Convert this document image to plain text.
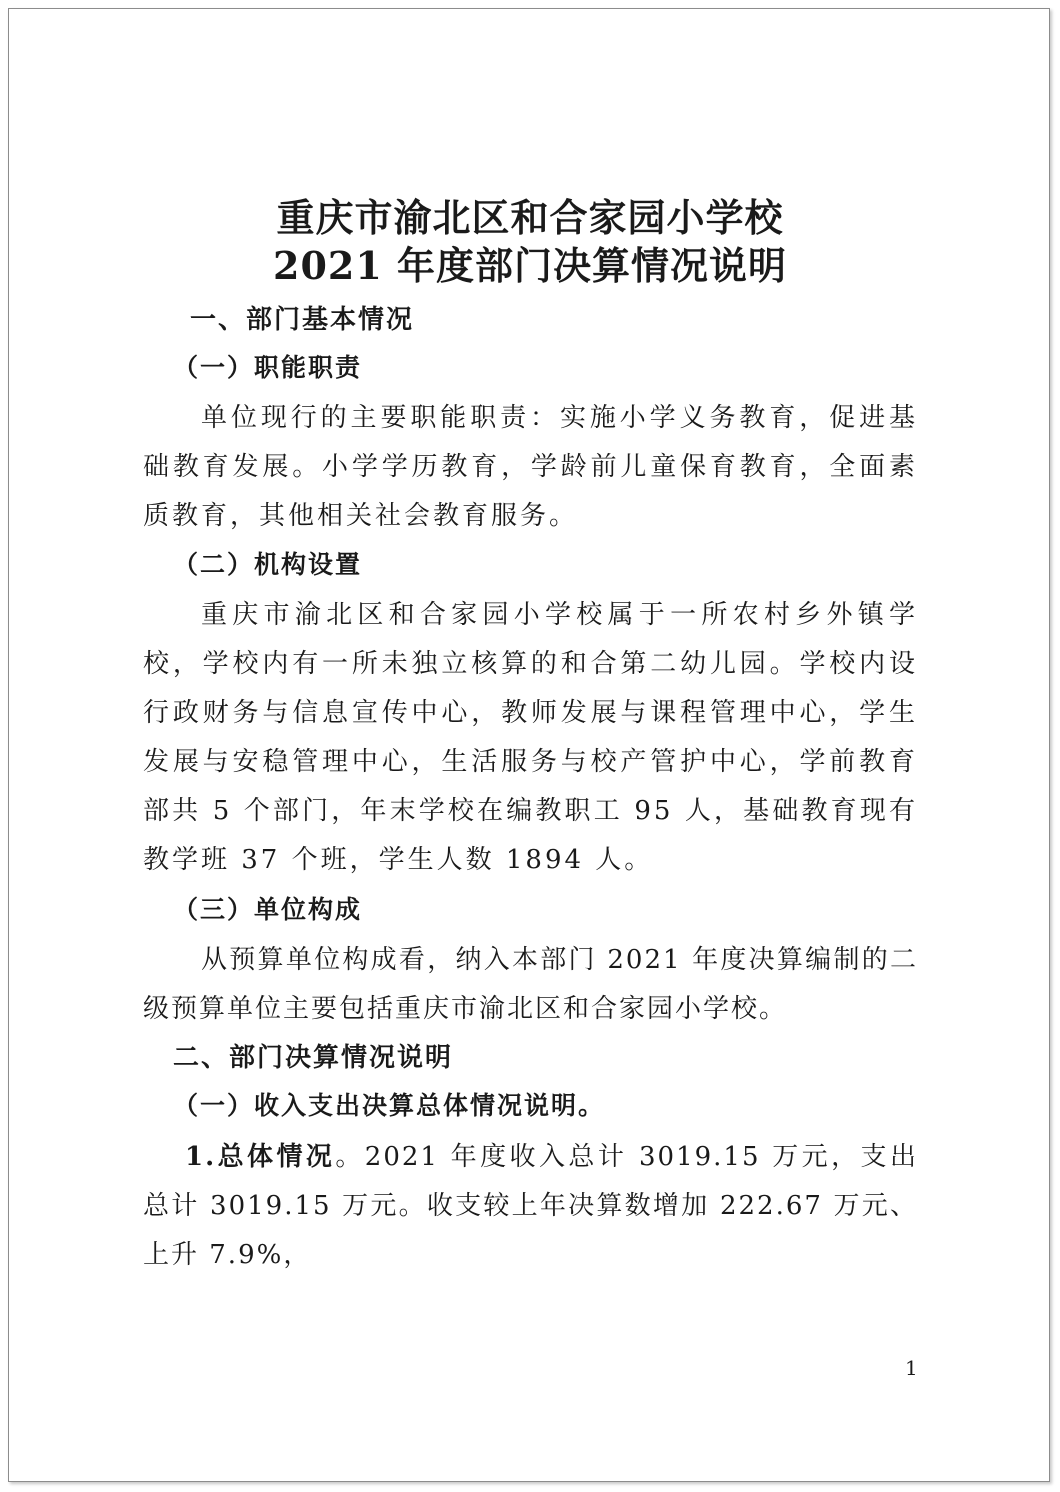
重庆市渝北区和合家园小学校
2021 年度部门决算情况说明
一、部门基本情况
（一）职能职责

单位现行的主要职能职责：实施小学义务教育，促进基础教育发展。小学学历教育，学龄前儿童保育教育，全面素质教育，其他相关社会教育服务。

（二）机构设置

重庆市渝北区和合家园小学校属于一所农村乡外镇学校，学校内有一所未独立核算的和合第二幼儿园。学校内设行政财务与信息宣传中心，教师发展与课程管理中心，学生发展与安稳管理中心，生活服务与校产管护中心，学前教育部共 5 个部门，年末学校在编教职工 95 人，基础教育现有教学班 37 个班，学生人数 1894 人。

（三）单位构成

从预算单位构成看，纳入本部门 2021 年度决算编制的二级预算单位主要包括重庆市渝北区和合家园小学校。

二、部门决算情况说明
（一）收入支出决算总体情况说明。

1.总体情况。2021 年度收入总计 3019.15 万元，支出总计 3019.15 万元。收支较上年决算数增加 222.67 万元、 上升 7.9%，

1
